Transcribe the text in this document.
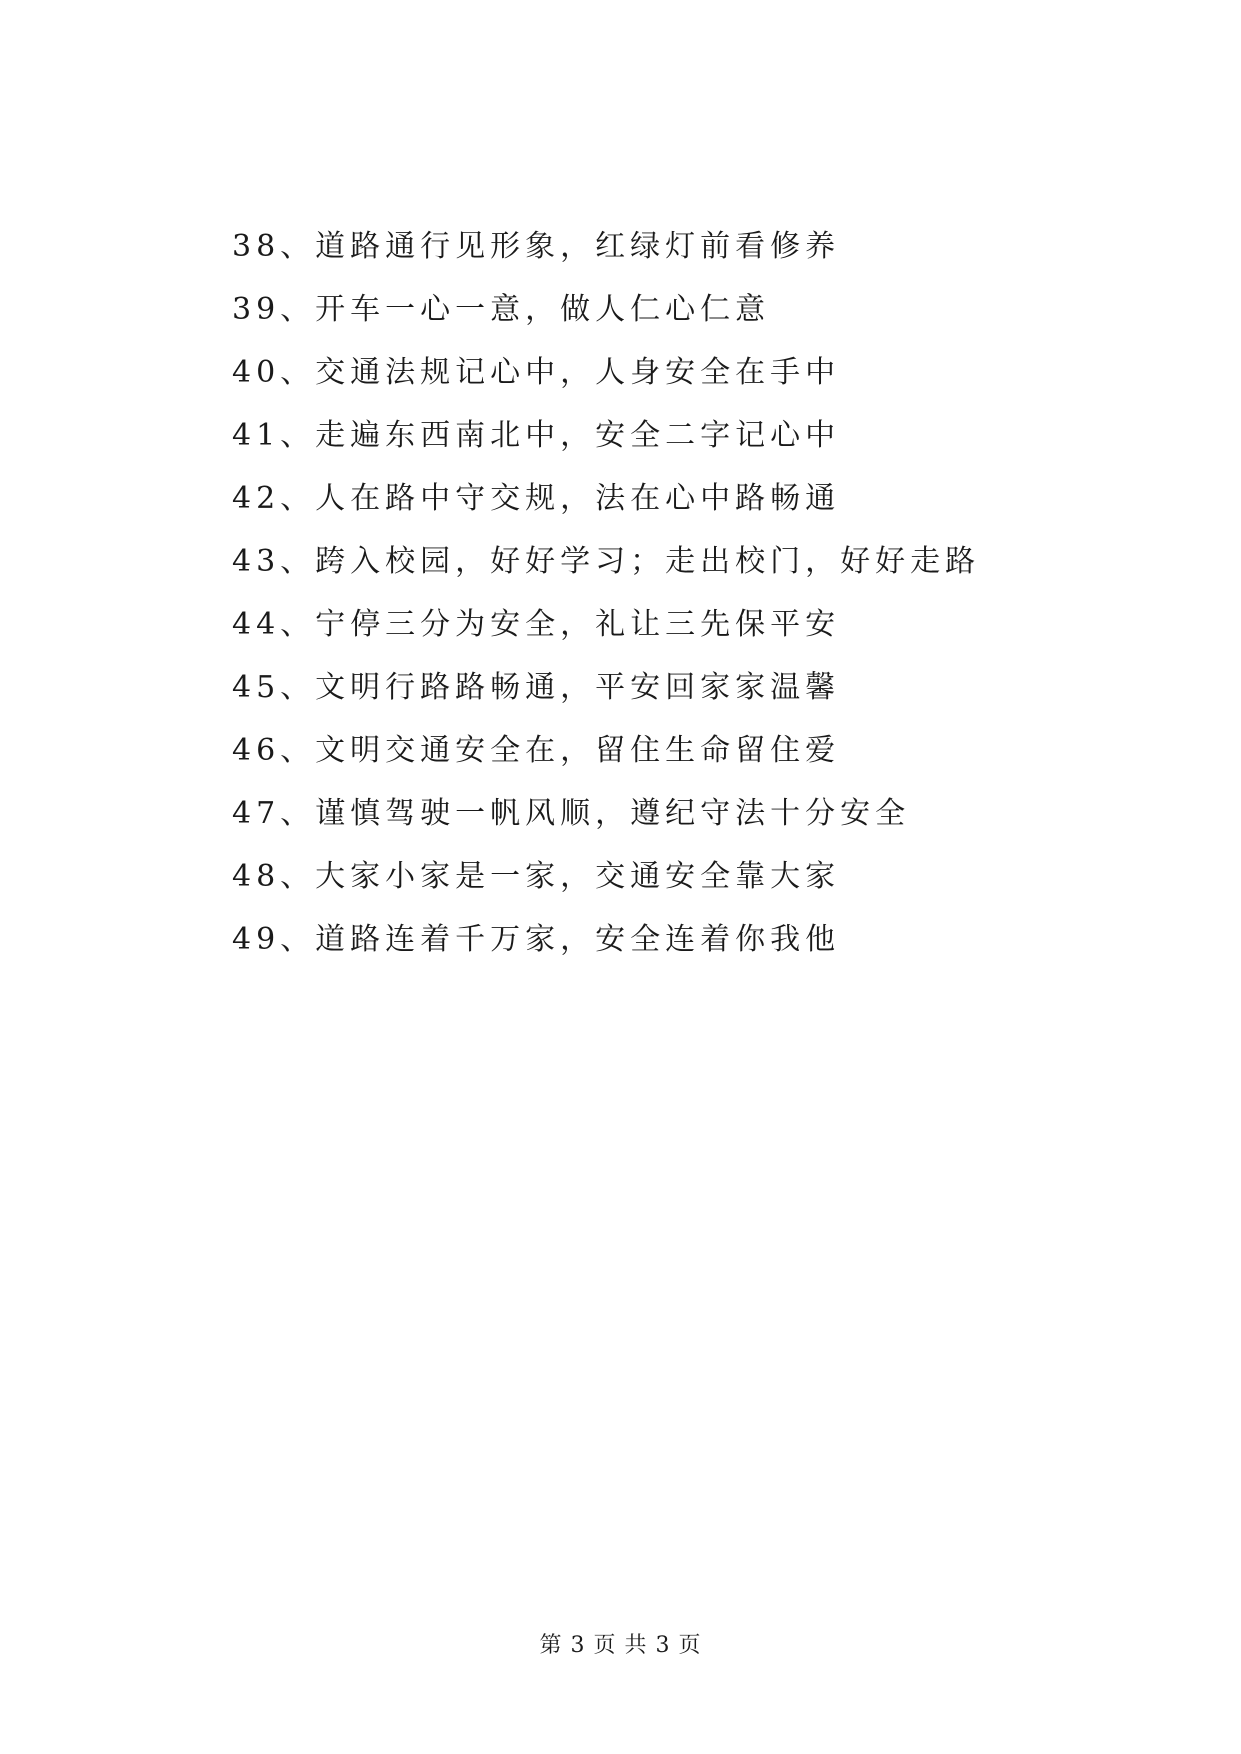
38、道路通行见形象，红绿灯前看修养
39、开车一心一意，做人仁心仁意
40、交通法规记心中，人身安全在手中
41、走遍东西南北中，安全二字记心中
42、人在路中守交规，法在心中路畅通
43、跨入校园，好好学习；走出校门，好好走路
44、宁停三分为安全，礼让三先保平安
45、文明行路路畅通，平安回家家温馨
46、文明交通安全在，留住生命留住爱
47、谨慎驾驶一帆风顺，遵纪守法十分安全
48、大家小家是一家，交通安全靠大家
49、道路连着千万家，安全连着你我他
第 3 页 共 3 页
